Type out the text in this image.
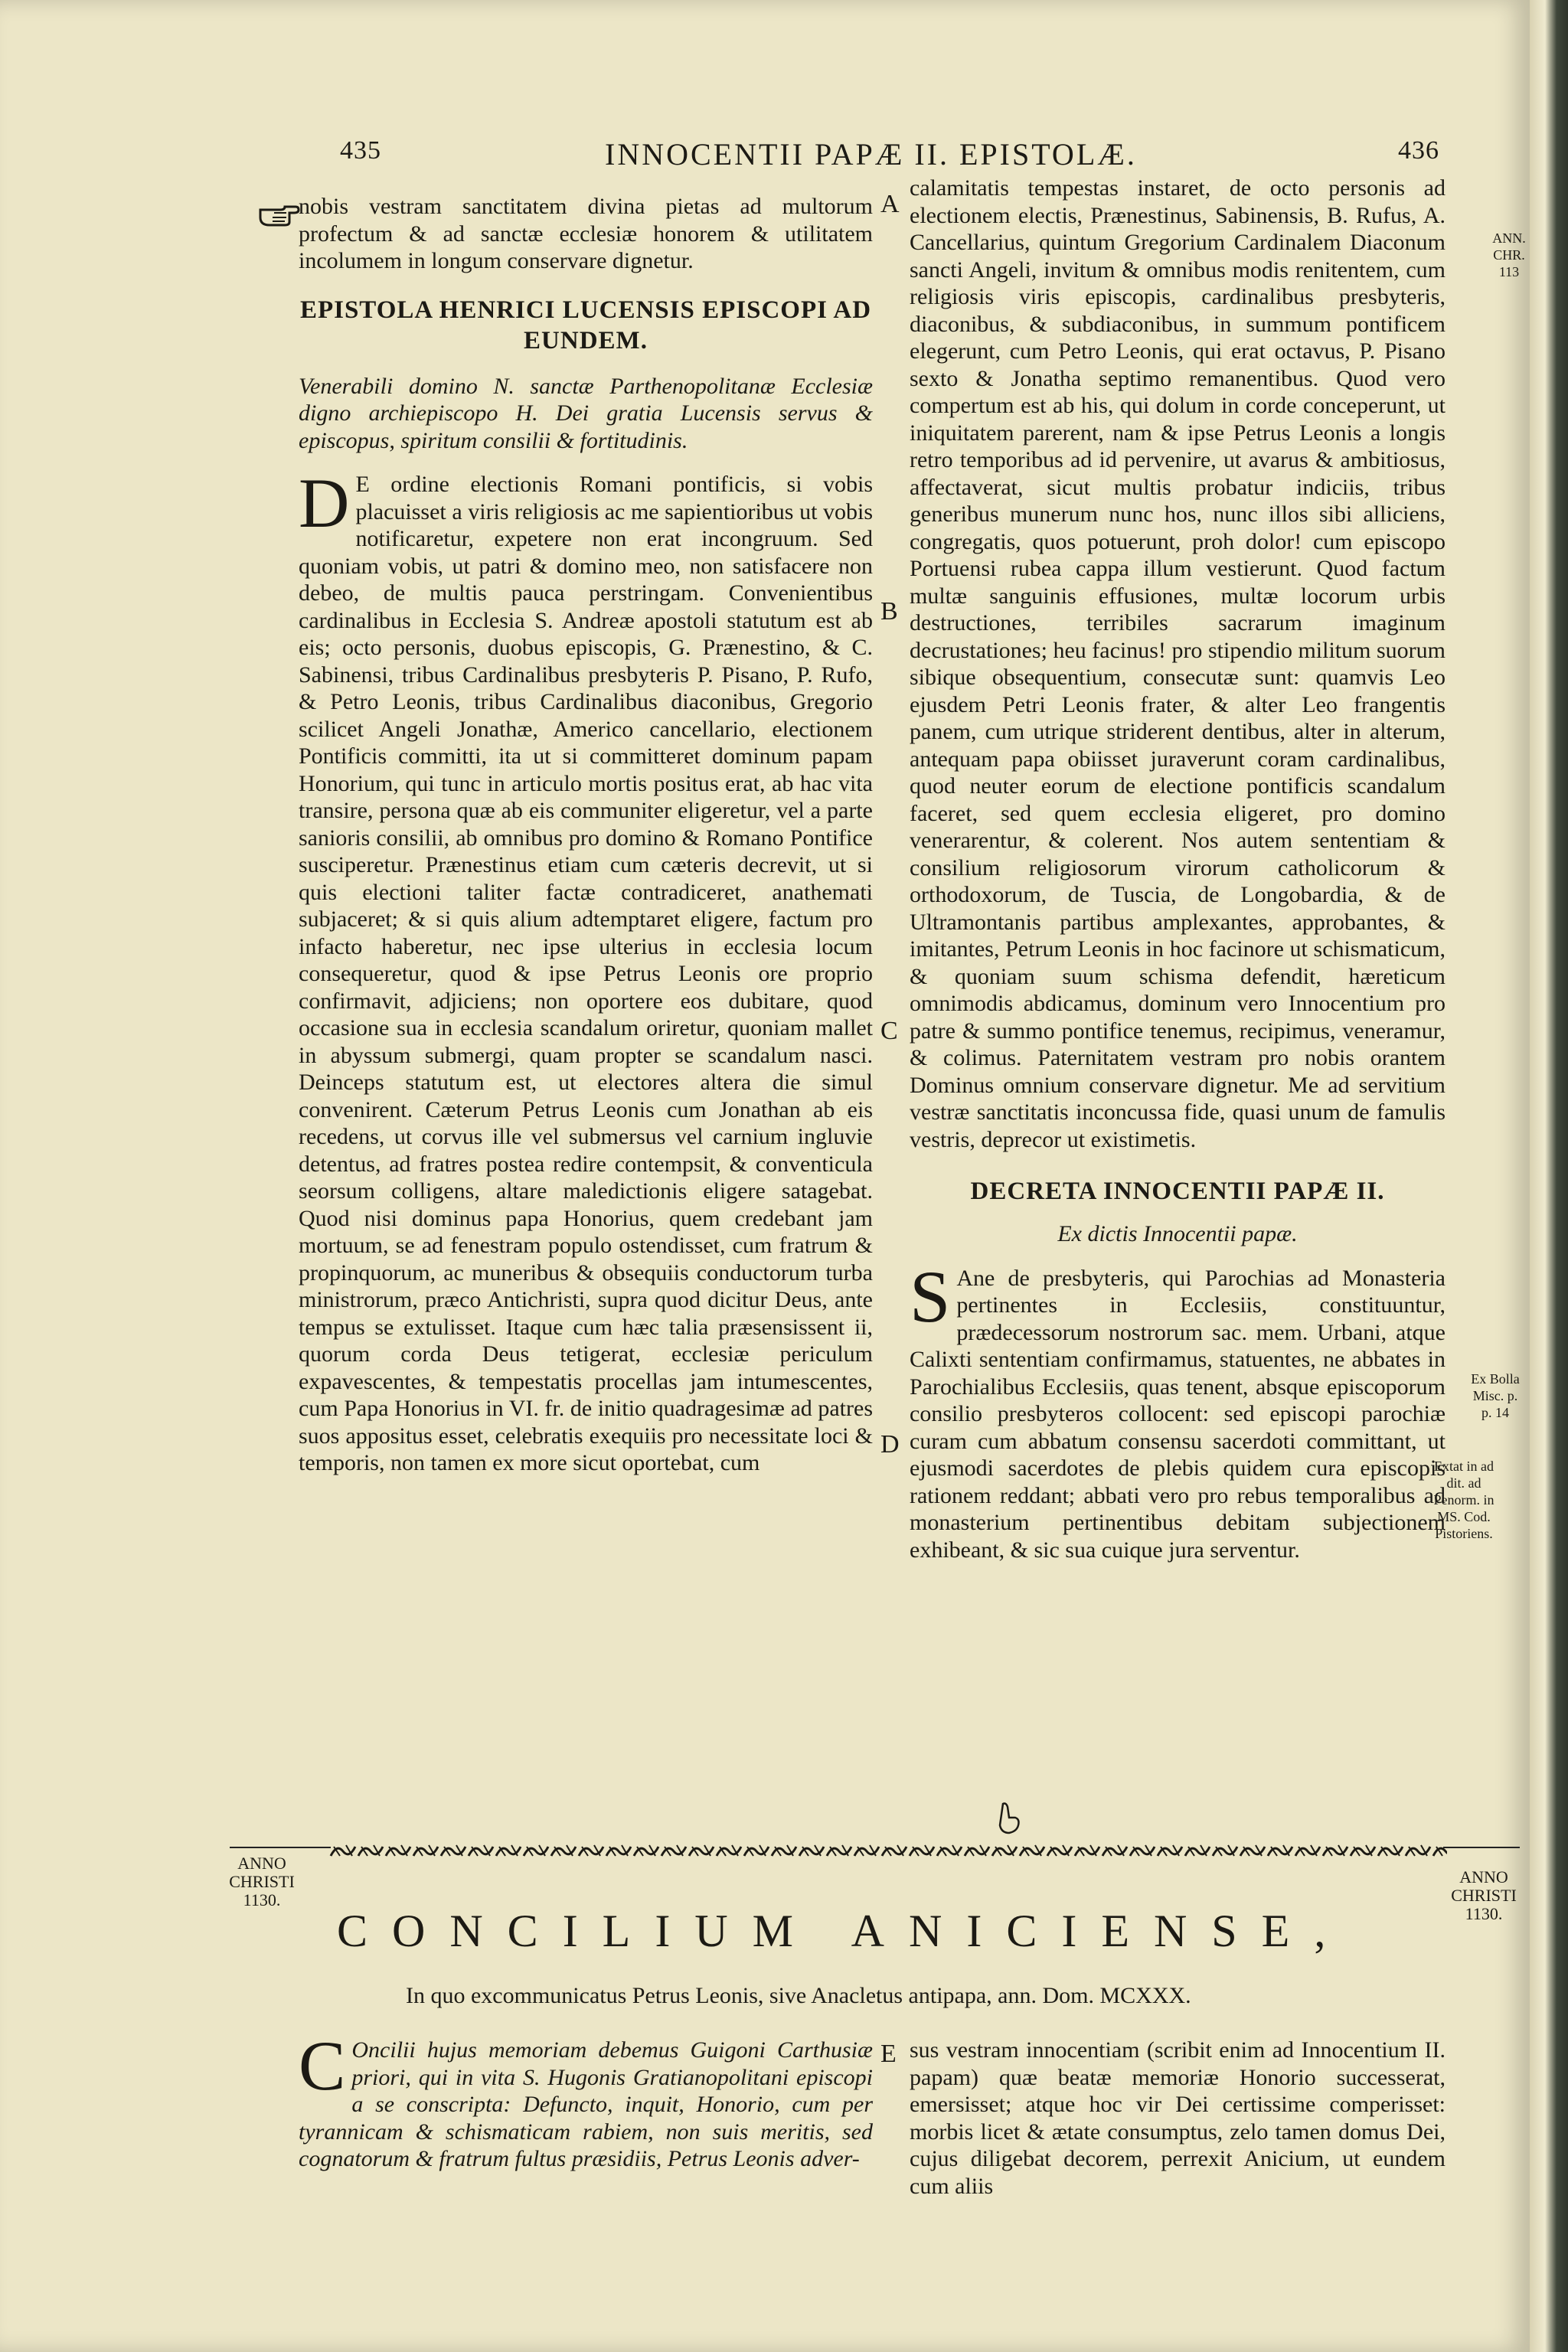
435	INNOCENTII PAPÆ II. EPISTOLÆ.	436

nobis vestram sanctitatem divina pietas ad multorum profectum & ad sanctæ ecclesiæ honorem & utilitatem incolumem in longum conservare dignetur.

EPISTOLA HENRICI LUCENSIS EPISCOPI AD EUNDEM.

Venerabili domino N. sanctæ Parthenopolitanæ Ecclesiæ digno archiepiscopo H. Dei gratia Lucensis servus & episcopus, spiritum consilii & fortitudinis.

D E ordine electionis Romani pontificis, si vobis placuisset a viris religiosis ac me sapientioribus ut vobis notificaretur, expetere non erat incongruum. Sed quoniam vobis, ut patri & domino meo, non satisfacere non debeo, de multis pauca perstringam. Convenientibus cardinalibus in Ecclesia S. Andreæ apostoli statutum est ab eis; octo personis, duobus episcopis, G. Prænestino, & C. Sabinensi, tribus Cardinalibus presbyteris P. Pisano, P. Rufo, & Petro Leonis, tribus Cardinalibus diaconibus, Gregorio scilicet Angeli Jonathæ, Americo cancellario, electionem Pontificis committi, ita ut si committeret dominum papam Honorium, qui tunc in articulo mortis positus erat, ab hac vita transire, persona quæ ab eis communiter eligeretur, vel a parte sanioris consilii, ab omnibus pro domino & Romano Pontifice susciperetur. Prænestinus etiam cum cæteris decrevit, ut si quis electioni taliter factæ contradiceret, anathemati subjaceret; & si quis alium adtemptaret eligere, factum pro infacto haberetur, nec ipse ulterius in ecclesia locum consequeretur, quod & ipse Petrus Leonis ore proprio confirmavit, adjiciens; non oportere eos dubitare, quod occasione sua in ecclesia scandalum oriretur, quoniam mallet in abyssum submergi, quam propter se scandalum nasci. Deinceps statutum est, ut electores altera die simul convenirent. Cæterum Petrus Leonis cum Jonathan ab eis recedens, ut corvus ille vel submersus vel carnium ingluvie detentus, ad fratres postea redire contempsit, & conventicula seorsum colligens, altare maledictionis eligere satagebat. Quod nisi dominus papa Honorius, quem credebant jam mortuum, se ad fenestram populo ostendisset, cum fratrum & propinquorum, ac muneribus & obsequiis conductorum turba ministrorum, præco Antichristi, supra quod dicitur Deus, ante tempus se extulisset. Itaque cum hæc talia præsensissent ii, quorum corda Deus tetigerat, ecclesiæ periculum expavescentes, & tempestatis procellas jam intumescentes, cum Papa Honorius in VI. fr. de initio quadragesimæ ad patres suos appositus esset, celebratis exequiis pro necessitate loci & temporis, non tamen ex more sicut oportebat, cum

calamitatis tempestas instaret, de octo personis ad electionem electis, Prænestinus, Sabinensis, B. Rufus, A. Cancellarius, quintum Gregorium Cardinalem Diaconum sancti Angeli, invitum & omnibus modis renitentem, cum religiosis viris episcopis, cardinalibus presbyteris, diaconibus, & subdiaconibus, in summum pontificem elegerunt, cum Petro Leonis, qui erat octavus, P. Pisano sexto & Jonatha septimo remanentibus. Quod vero compertum est ab his, qui dolum in corde conceperunt, ut iniquitatem parerent, nam & ipse Petrus Leonis a longis retro temporibus ad id pervenire, ut avarus & ambitiosus, affectaverat, sicut multis probatur indiciis, tribus generibus munerum nunc hos, nunc illos sibi alliciens, congregatis, quos potuerunt, proh dolor! cum episcopo Portuensi rubea cappa illum vestierunt. Quod factum multæ sanguinis effusiones, multæ locorum urbis destructiones, terribiles sacrarum imaginum decrustationes; heu facinus! pro stipendio militum suorum sibique obsequentium, consecutæ sunt: quamvis Leo ejusdem Petri Leonis frater, & alter Leo frangentis panem, cum utrique striderent dentibus, alter in alterum, antequam papa obiisset juraverunt coram cardinalibus, quod neuter eorum de electione pontificis scandalum faceret, sed quem ecclesia eligeret, pro domino venerarentur, & colerent. Nos autem sententiam & consilium religiosorum virorum catholicorum & orthodoxorum, de Tuscia, de Longobardia, & de Ultramontanis partibus amplexantes, approbantes, & imitantes, Petrum Leonis in hoc facinore ut schismaticum, & quoniam suum schisma defendit, hæreticum omnimodis abdicamus, dominum vero Innocentium pro patre & summo pontifice tenemus, recipimus, veneramur, & colimus. Paternitatem vestram pro nobis orantem Dominus omnium conservare dignetur. Me ad servitium vestræ sanctitatis inconcussa fide, quasi unum de famulis vestris, deprecor ut existimetis.

DECRETA INNOCENTII PAPÆ II.

Ex dictis Innocentii papæ.

S Ane de presbyteris, qui Parochias ad Monasteria pertinentes in Ecclesiis, constituuntur, prædecessorum nostrorum sac. mem. Urbani, atque Calixti sententiam confirmamus, statuentes, ne abbates in Parochialibus Ecclesiis, quas tenent, absque episcoporum consilio presbyteros collocent: sed episcopi parochiæ curam cum abbatum consensu sacerdoti committant, ut ejusmodi sacerdotes de plebis quidem cura episcopis rationem reddant; abbati vero pro rebus temporalibus ad monasterium pertinentibus debitam subjectionem exhibeant, & sic sua cuique jura serventur.
A
B
C
D
E
ANN. CHR. 113
Ex Bolla Misc. p. p. 14
Extat in ad dit. ad Penorm. in MS. Cod. Pistoriens.
ANNO CHRISTI
1130.
ANNO CHRISTI
1130.
CONCILIUM ANICIENSE,
In quo excommunicatus Petrus Leonis, sive Anacletus antipapa, ann. Dom. MCXXX.
C Oncilii hujus memoriam debemus Guigoni Carthusiæ priori, qui in vita S. Hugonis Gratianopolitani episcopi a se conscripta: Defuncto, inquit, Honorio, cum per tyrannicam & schismaticam rabiem, non suis meritis, sed cognatorum & fratrum fultus præsidiis, Petrus Leonis adver-
sus vestram innocentiam (scribit enim ad Innocentium II. papam) quæ beatæ memoriæ Honorio successerat, emersisset; atque hoc vir Dei certissime comperisset: morbis licet & ætate consumptus, zelo tamen domus Dei, cujus diligebat decorem, perrexit Anicium, ut eundem cum aliis
